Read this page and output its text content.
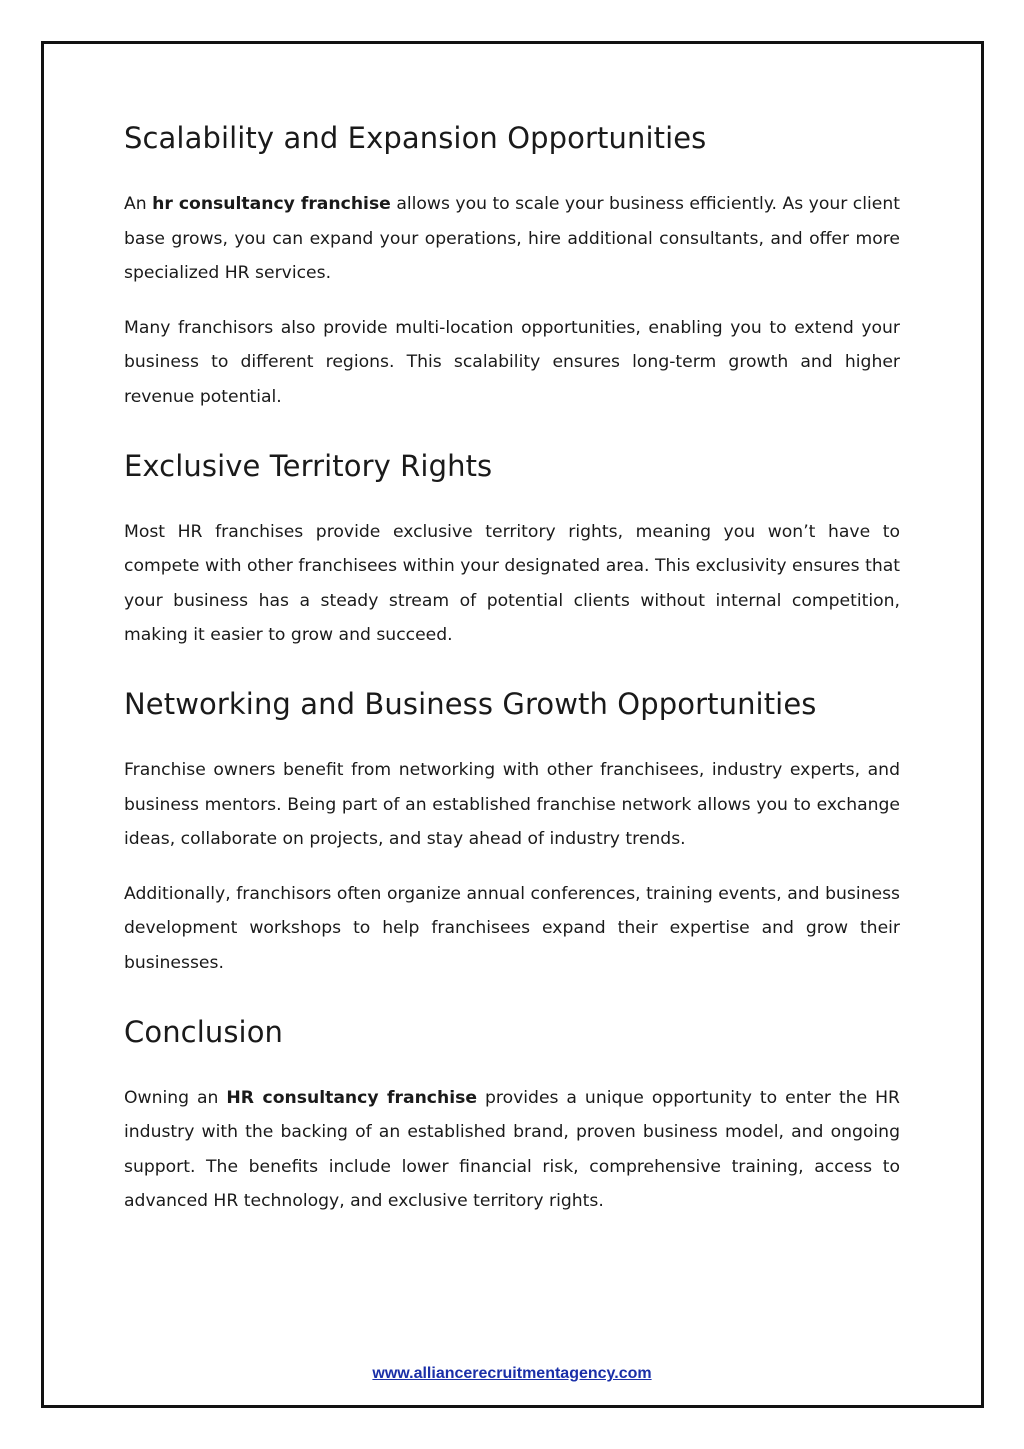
Scalability and Expansion Opportunities

An hr consultancy franchise allows you to scale your business efficiently. As your client base grows, you can expand your operations, hire additional consultants, and offer more specialized HR services.

Many franchisors also provide multi-location opportunities, enabling you to extend your business to different regions. This scalability ensures long-term growth and higher revenue potential.

Exclusive Territory Rights

Most HR franchises provide exclusive territory rights, meaning you won’t have to compete with other franchisees within your designated area. This exclusivity ensures that your business has a steady stream of potential clients without internal competition, making it easier to grow and succeed.

Networking and Business Growth Opportunities

Franchise owners benefit from networking with other franchisees, industry experts, and business mentors. Being part of an established franchise network allows you to exchange ideas, collaborate on projects, and stay ahead of industry trends.

Additionally, franchisors often organize annual conferences, training events, and business development workshops to help franchisees expand their expertise and grow their businesses.

Conclusion

Owning an HR consultancy franchise provides a unique opportunity to enter the HR industry with the backing of an established brand, proven business model, and ongoing support. The benefits include lower financial risk, comprehensive training, access to advanced HR technology, and exclusive territory rights.

www.alliancerecruitmentagency.com
